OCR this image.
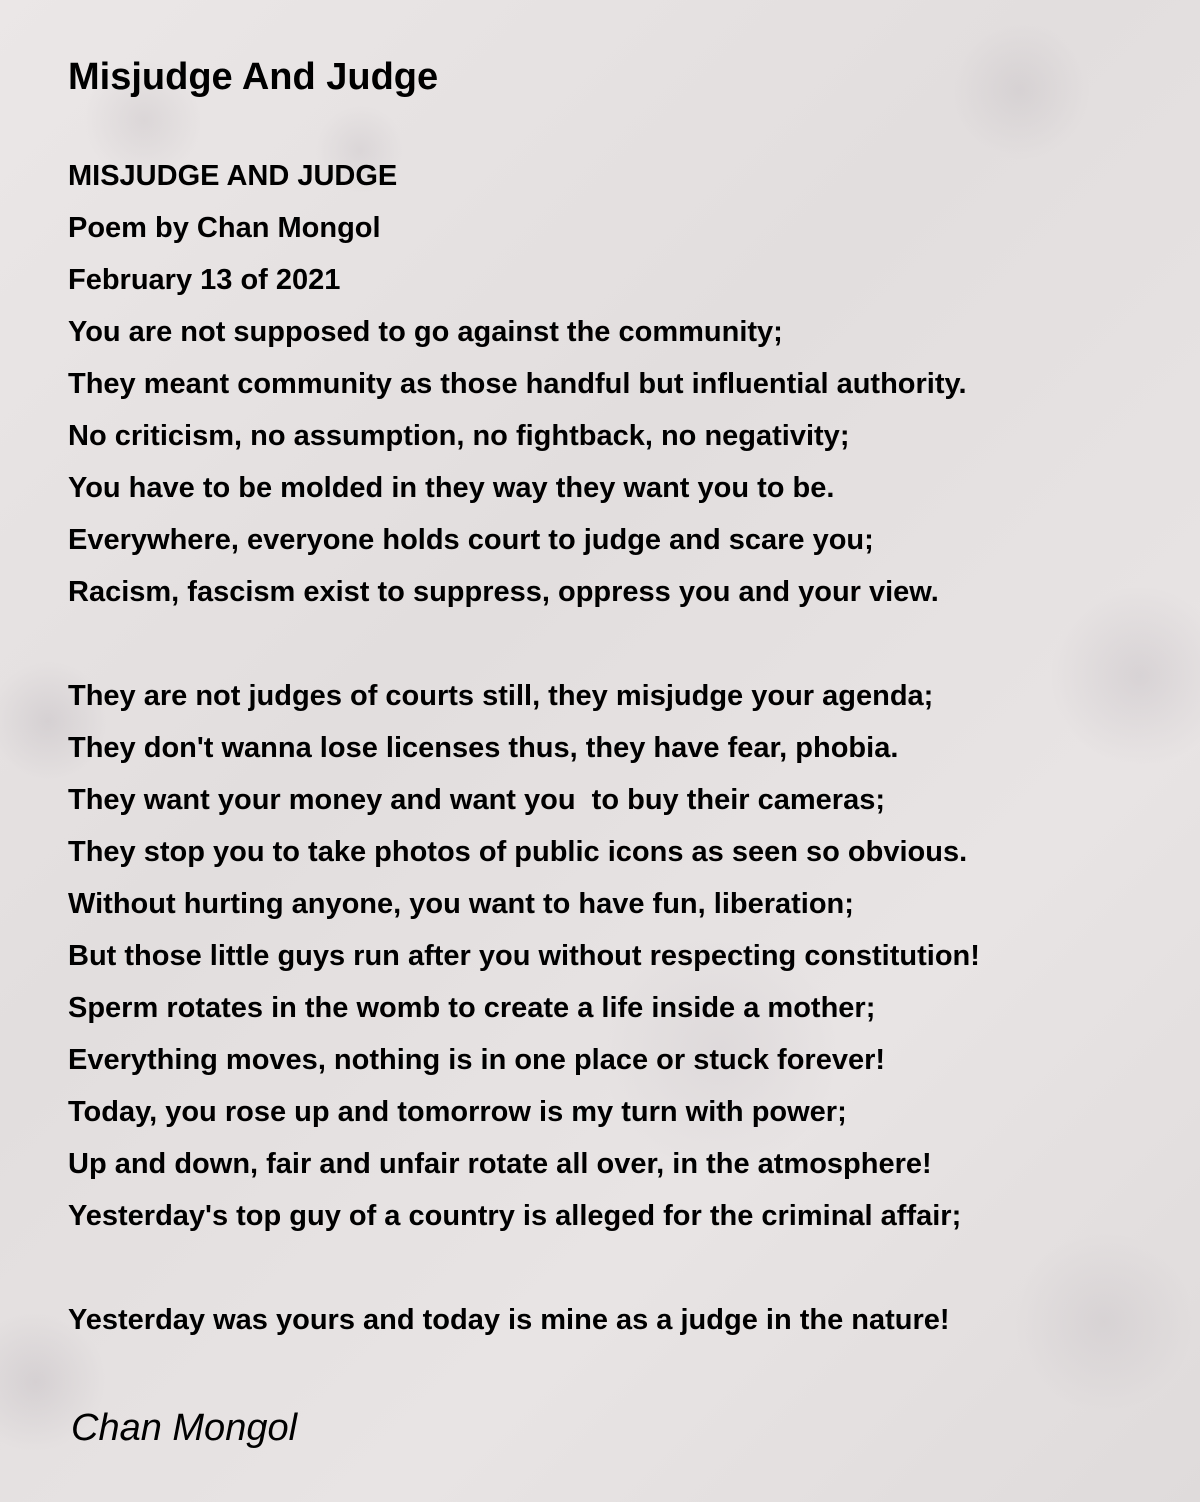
Misjudge And Judge
MISJUDGE AND JUDGE
Poem by Chan Mongol
February 13 of 2021
You are not supposed to go against the community;
They meant community as those handful but influential authority.
No criticism, no assumption, no fightback, no negativity;
You have to be molded in they way they want you to be.
Everywhere, everyone holds court to judge and scare you;
Racism, fascism exist to suppress, oppress you and your view.
They are not judges of courts still, they misjudge your agenda;
They don't wanna lose licenses thus, they have fear, phobia.
They want your money and want you  to buy their cameras;
They stop you to take photos of public icons as seen so obvious.
Without hurting anyone, you want to have fun, liberation;
But those little guys run after you without respecting constitution!
Sperm rotates in the womb to create a life inside a mother;
Everything moves, nothing is in one place or stuck forever!
Today, you rose up and tomorrow is my turn with power;
Up and down, fair and unfair rotate all over, in the atmosphere!
Yesterday's top guy of a country is alleged for the criminal affair;
Yesterday was yours and today is mine as a judge in the nature!
Chan Mongol
